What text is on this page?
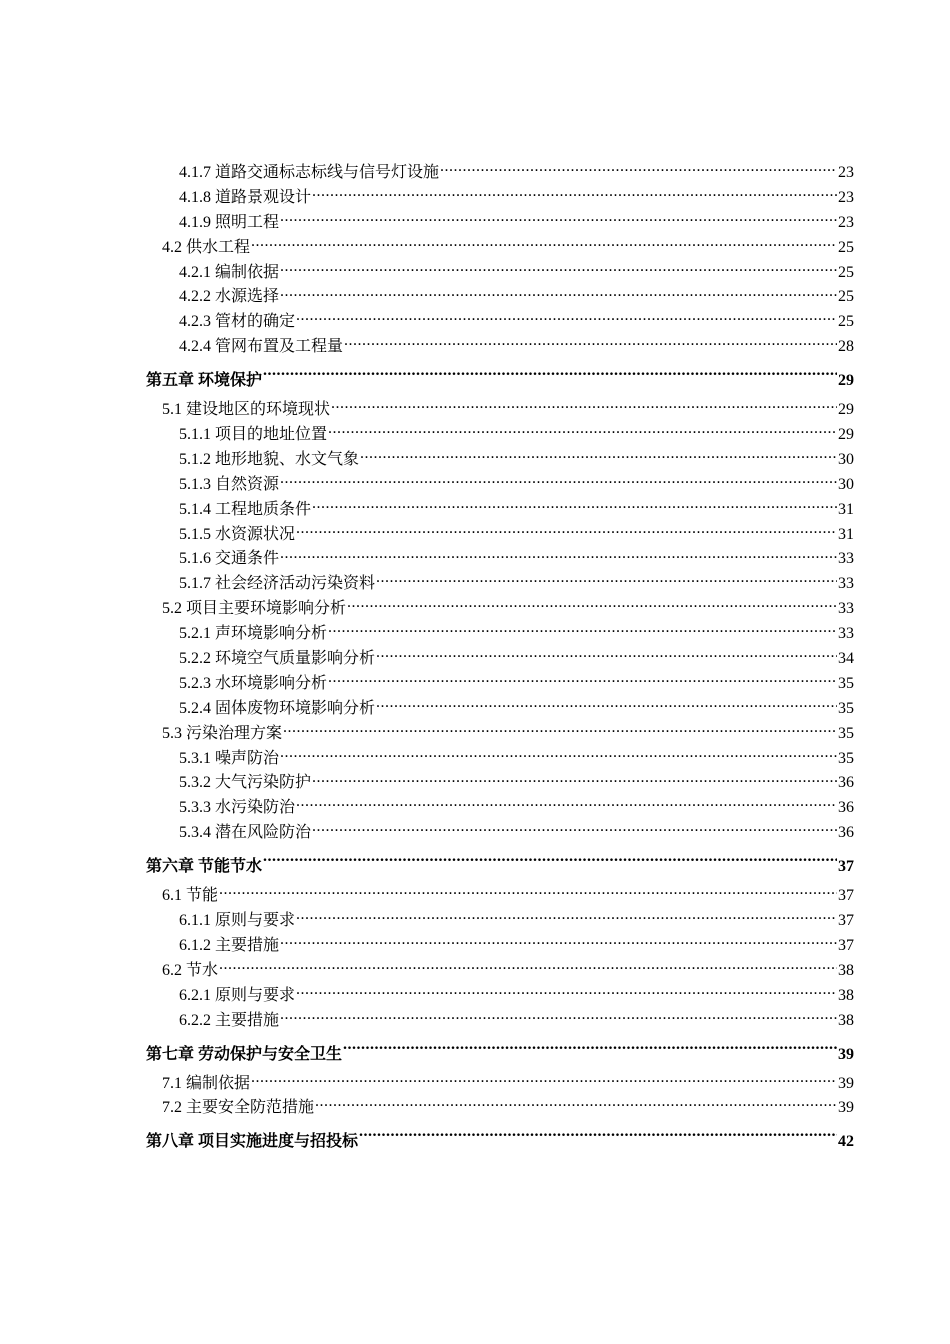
4.1.7 道路交通标志标线与信号灯设施 .....	23
4.1.8 道路景观设计 .....	23
4.1.9 照明工程 .....	23
4.2 供水工程 .....	25
4.2.1 编制依据 .....	25
4.2.2 水源选择 .....	25
4.2.3 管材的确定 .....	25
4.2.4 管网布置及工程量 .....	28
第五章 环境保护 .....	29
5.1 建设地区的环境现状 .....	29
5.1.1 项目的地址位置 .....	29
5.1.2 地形地貌、水文气象 .....	30
5.1.3 自然资源 .....	30
5.1.4 工程地质条件 .....	31
5.1.5 水资源状况 .....	31
5.1.6 交通条件 .....	33
5.1.7 社会经济活动污染资料 .....	33
5.2 项目主要环境影响分析 .....	33
5.2.1 声环境影响分析 .....	33
5.2.2 环境空气质量影响分析 .....	34
5.2.3 水环境影响分析 .....	35
5.2.4 固体废物环境影响分析 .....	35
5.3 污染治理方案 .....	35
5.3.1 噪声防治 .....	35
5.3.2 大气污染防护 .....	36
5.3.3 水污染防治 .....	36
5.3.4 潜在风险防治 .....	36
第六章 节能节水 .....	37
6.1 节能 .....	37
6.1.1 原则与要求 .....	37
6.1.2 主要措施 .....	37
6.2 节水 .....	38
6.2.1 原则与要求 .....	38
6.2.2 主要措施 .....	38
第七章 劳动保护与安全卫生 .....	39
7.1 编制依据 .....	39
7.2 主要安全防范措施 .....	39
第八章 项目实施进度与招投标 .....	42
